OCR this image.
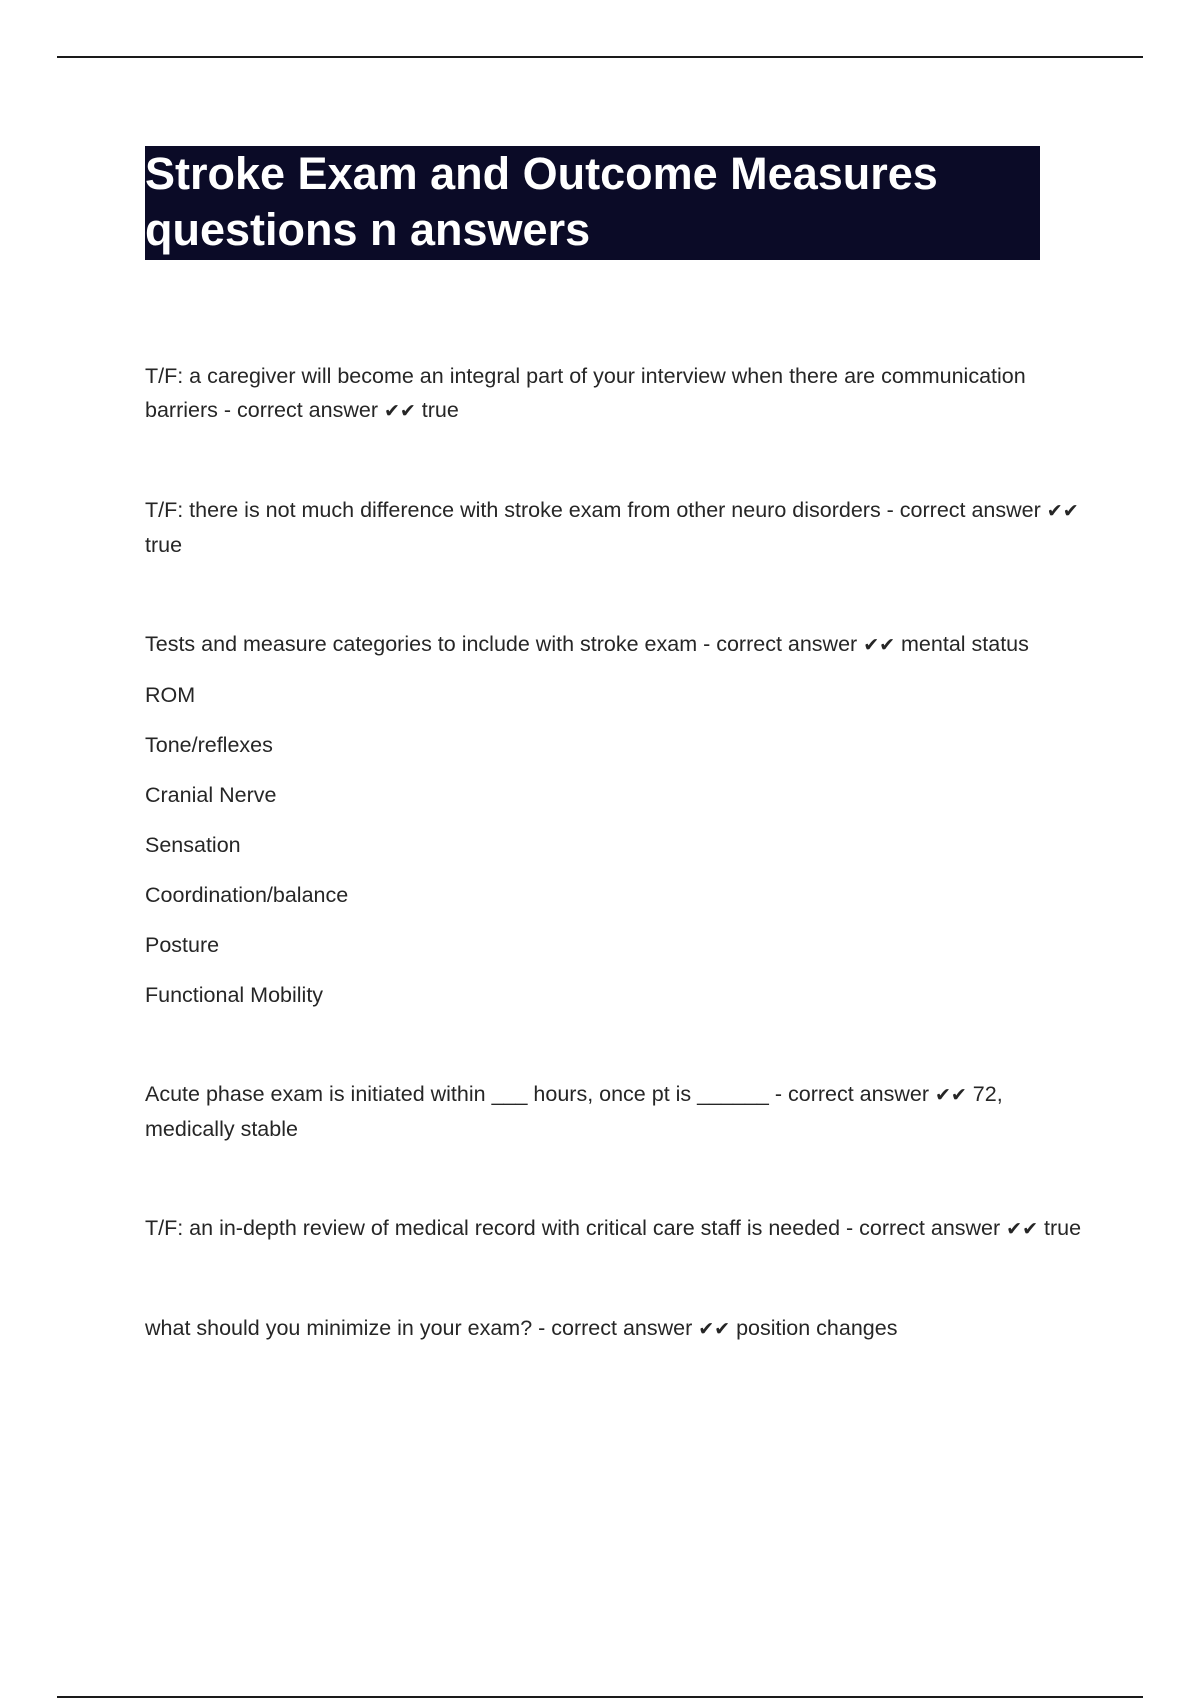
Stroke Exam and Outcome Measures
questions n answers

T/F: a caregiver will become an integral part of your interview when there are communication barriers - correct answer ✔✔ true

T/F: there is not much difference with stroke exam from other neuro disorders - correct answer ✔✔ true

Tests and measure categories to include with stroke exam - correct answer ✔✔ mental status

ROM

Tone/reflexes

Cranial Nerve

Sensation

Coordination/balance

Posture

Functional Mobility

Acute phase exam is initiated within ___ hours, once pt is ______ - correct answer ✔✔ 72, medically stable

T/F: an in-depth review of medical record with critical care staff is needed - correct answer ✔✔ true

what should you minimize in your exam? - correct answer ✔✔ position changes
